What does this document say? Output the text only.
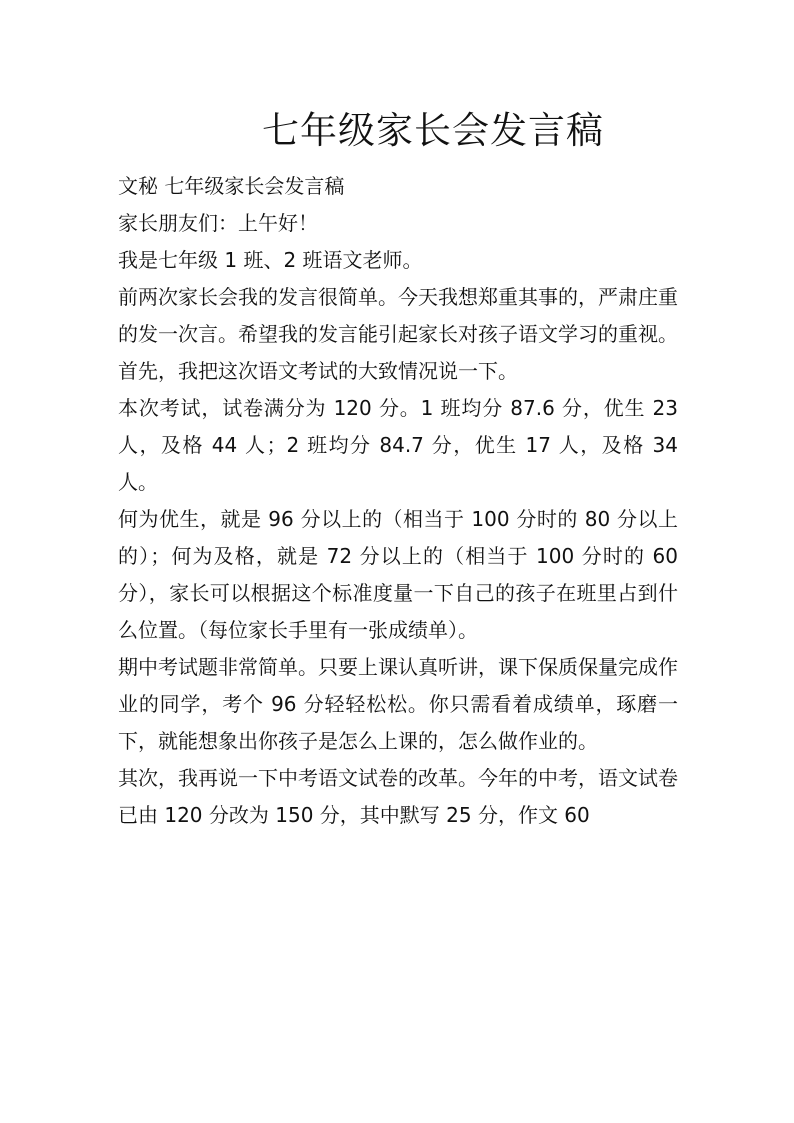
七年级家长会发言稿

文秘 七年级家长会发言稿

家长朋友们：上午好！

我是七年级 1 班、2 班语文老师。

前两次家长会我的发言很简单。今天我想郑重其事的，严肃庄重的发一次言。希望我的发言能引起家长对孩子语文学习的重视。

首先，我把这次语文考试的大致情况说一下。

本次考试，试卷满分为 120 分。1 班均分 87.6 分，优生 23 人，及格 44 人；2 班均分 84.7 分，优生 17 人，及格 34 人。

何为优生，就是 96 分以上的（相当于 100 分时的 80 分以上的）；何为及格，就是 72 分以上的（相当于 100 分时的 60 分），家长可以根据这个标准度量一下自己的孩子在班里占到什么位置。（每位家长手里有一张成绩单）。

期中考试题非常简单。只要上课认真听讲，课下保质保量完成作业的同学，考个 96 分轻轻松松。你只需看着成绩单，琢磨一下，就能想象出你孩子是怎么上课的，怎么做作业的。

其次，我再说一下中考语文试卷的改革。今年的中考，语文试卷已由 120 分改为 150 分，其中默写 25 分，作文 60
